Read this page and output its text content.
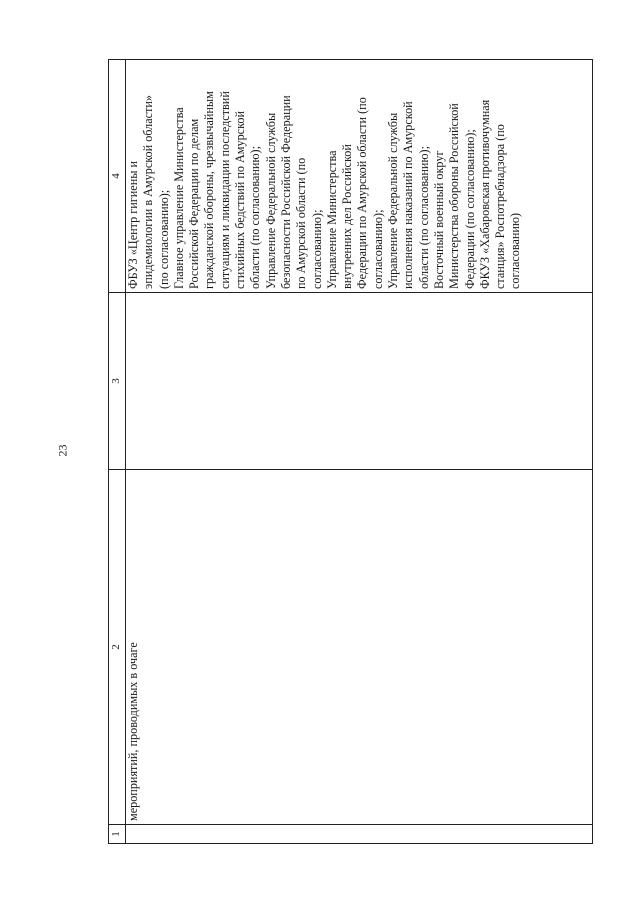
23
1
2
3
4
мероприятий, проводимых в очаге
ФБУЗ «Центр гигиены и эпидемиологии в Амурской области» (по согласованию); Главное управление Министерства Российской Федерации по делам гражданской обороны, чрезвычайным ситуациям и ликвидации последствий стихийных бедствий по Амурской области (по согласованию); Управление Федеральной службы безопасности Российской Федерации по Амурской области (по согласованию); Управление Министерства внутренних дел Российской Федерации по Амурской области (по согласованию); Управление Федеральной службы исполнения наказаний по Амурской области (по согласованию); Восточный военный округ Министерства обороны Российской Федерации (по согласованию); ФКУЗ «Хабаровская противочумная станция» Роспотребнадзора (по согласованию)
